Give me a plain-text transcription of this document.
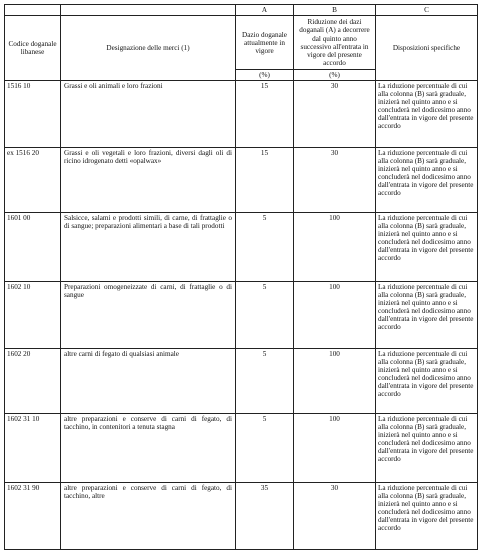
		A	B	C
Codice doganale libanese	Designazione delle merci (1)	Dazio doganale attualmente in vigore	Riduzione dei dazi doganali (A) a decorrere dal quinto anno successivo all'entrata in vigore del presente accordo	Disposizioni specifiche
		(%)	(%)	
1516 10	Grassi e oli animali e loro frazioni	15	30	La riduzione percentuale di cui alla colonna (B) sarà graduale, inizierà nel quinto anno e si concluderà nel dodicesimo anno dall'entrata in vigore del presente accordo
ex 1516 20	Grassi e oli vegetali e loro frazioni, diversi dagli oli di ricino idrogenato detti «opalwax»	15	30	La riduzione percentuale di cui alla colonna (B) sarà graduale, inizierà nel quinto anno e si concluderà nel dodicesimo anno dall'entrata in vigore del presente accordo
1601 00	Salsicce, salami e prodotti simili, di carne, di frattaglie o di sangue; preparazioni alimentari a base di tali prodotti	5	100	La riduzione percentuale di cui alla colonna (B) sarà graduale, inizierà nel quinto anno e si concluderà nel dodicesimo anno dall'entrata in vigore del presente accordo
1602 10	Preparazioni omogeneizzate di carni, di frattaglie o di sangue	5	100	La riduzione percentuale di cui alla colonna (B) sarà graduale, inizierà nel quinto anno e si concluderà nel dodicesimo anno dall'entrata in vigore del presente accordo
1602 20	altre carni di fegato di qualsiasi animale	5	100	La riduzione percentuale di cui alla colonna (B) sarà graduale, inizierà nel quinto anno e si concluderà nel dodicesimo anno dall'entrata in vigore del presente accordo
1602 31 10	altre preparazioni e conserve di carni di fegato, di tacchino, in contenitori a tenuta stagna	5	100	La riduzione percentuale di cui alla colonna (B) sarà graduale, inizierà nel quinto anno e si concluderà nel dodicesimo anno dall'entrata in vigore del presente accordo
1602 31 90	altre preparazioni e conserve di carni di fegato, di tacchino, altre	35	30	La riduzione percentuale di cui alla colonna (B) sarà graduale, inizierà nel quinto anno e si concluderà nel dodicesimo anno dall'entrata in vigore del presente accordo
